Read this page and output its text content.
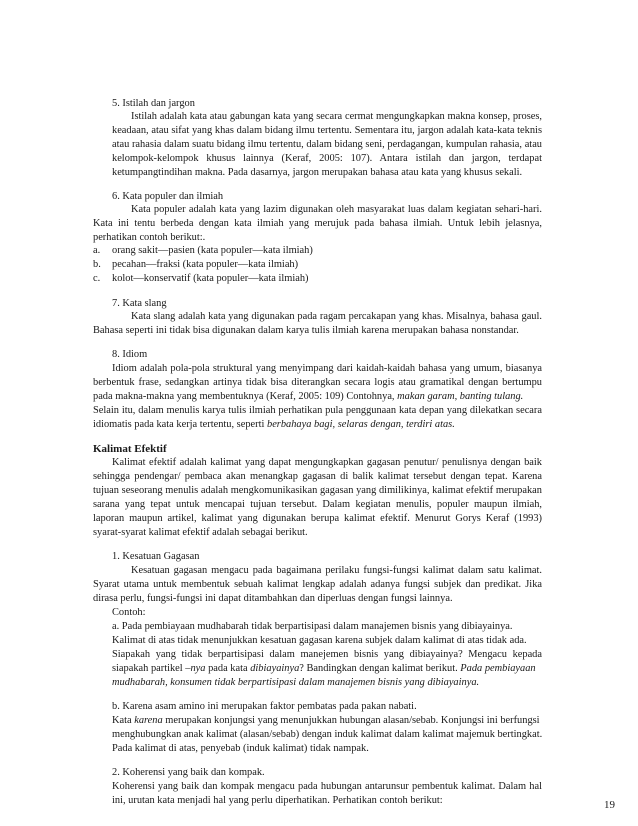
5. Istilah dan jargon
Istilah adalah kata atau gabungan kata yang secara cermat mengungkapkan makna konsep, proses,
keadaan, atau sifat yang khas dalam bidang ilmu tertentu. Sementara itu, jargon adalah kata-kata teknis
atau rahasia dalam suatu bidang ilmu tertentu, dalam bidang seni, perdagangan, kumpulan rahasia, atau
kelompok-kelompok khusus lainnya (Keraf, 2005: 107). Antara istilah dan jargon, terdapat
ketumpangtindihan makna. Pada dasarnya, jargon merupakan bahasa atau kata yang khusus sekali.
6. Kata populer dan ilmiah
Kata populer adalah kata yang lazim digunakan oleh masyarakat luas dalam kegiatan sehari-hari.
Kata ini tentu berbeda dengan kata ilmiah yang merujuk pada bahasa ilmiah. Untuk lebih jelasnya,
perhatikan contoh berikut:.
a. orang sakit—pasien (kata populer—kata ilmiah)
b. pecahan—fraksi (kata populer—kata ilmiah)
c. kolot—konservatif (kata populer—kata ilmiah)
7. Kata slang
Kata slang adalah kata yang digunakan pada ragam percakapan yang khas. Misalnya, bahasa gaul.
Bahasa seperti ini tidak bisa digunakan dalam karya tulis ilmiah karena merupakan bahasa nonstandar.
8. Idiom
Idiom adalah pola-pola struktural yang menyimpang dari kaidah-kaidah bahasa yang umum, biasanya
berbentuk frase, sedangkan artinya tidak bisa diterangkan secara logis atau gramatikal dengan bertumpu
pada makna-makna yang membentuknya (Keraf, 2005: 109) Contohnya, makan garam, banting tulang.
Selain itu, dalam menulis karya tulis ilmiah perhatikan pula penggunaan kata depan yang dilekatkan secara
idiomatis pada kata kerja tertentu, seperti berbahaya bagi, selaras dengan, terdiri atas.
Kalimat Efektif
Kalimat efektif adalah kalimat yang dapat mengungkapkan gagasan penutur/ penulisnya dengan baik
sehingga pendengar/ pembaca akan menangkap gagasan di balik kalimat tersebut dengan tepat. Karena
tujuan seseorang menulis adalah mengkomunikasikan gagasan yang dimilikinya, kalimat efektif merupakan
sarana yang tepat untuk mencapai tujuan tersebut. Dalam kegiatan menulis, populer maupun ilmiah,
laporan maupun artikel, kalimat yang digunakan berupa kalimat efektif. Menurut Gorys Keraf (1993)
syarat-syarat kalimat efektif adalah sebagai berikut.
1. Kesatuan Gagasan
Kesatuan gagasan mengacu pada bagaimana perilaku fungsi-fungsi kalimat dalam satu kalimat.
Syarat utama untuk membentuk sebuah kalimat lengkap adalah adanya fungsi subjek dan predikat. Jika
dirasa perlu, fungsi-fungsi ini dapat ditambahkan dan diperluas dengan fungsi lainnya.
Contoh:
a. Pada pembiayaan mudhabarah tidak berpartisipasi dalam manajemen bisnis yang dibiayainya.
Kalimat di atas tidak menunjukkan kesatuan gagasan karena subjek dalam kalimat di atas tidak ada.
Siapakah yang tidak berpartisipasi dalam manejemen bisnis yang dibiayainya? Mengacu kepada
siapakah partikel –nya pada kata dibiayainya? Bandingkan dengan kalimat berikut. Pada pembiayaan
mudhabarah, konsumen tidak berpartisipasi dalam manajemen bisnis yang dibiayainya.
b. Karena asam amino ini merupakan faktor pembatas pada pakan nabati.
Kata karena merupakan konjungsi yang menunjukkan hubungan alasan/sebab. Konjungsi ini berfungsi
menghubungkan anak kalimat (alasan/sebab) dengan induk kalimat dalam kalimat majemuk bertingkat.
Pada kalimat di atas, penyebab (induk kalimat) tidak nampak.
2. Koherensi yang baik dan kompak.
Koherensi yang baik dan kompak mengacu pada hubungan antarunsur pembentuk kalimat. Dalam hal
ini, urutan kata menjadi hal yang perlu diperhatikan. Perhatikan contoh berikut:	19
